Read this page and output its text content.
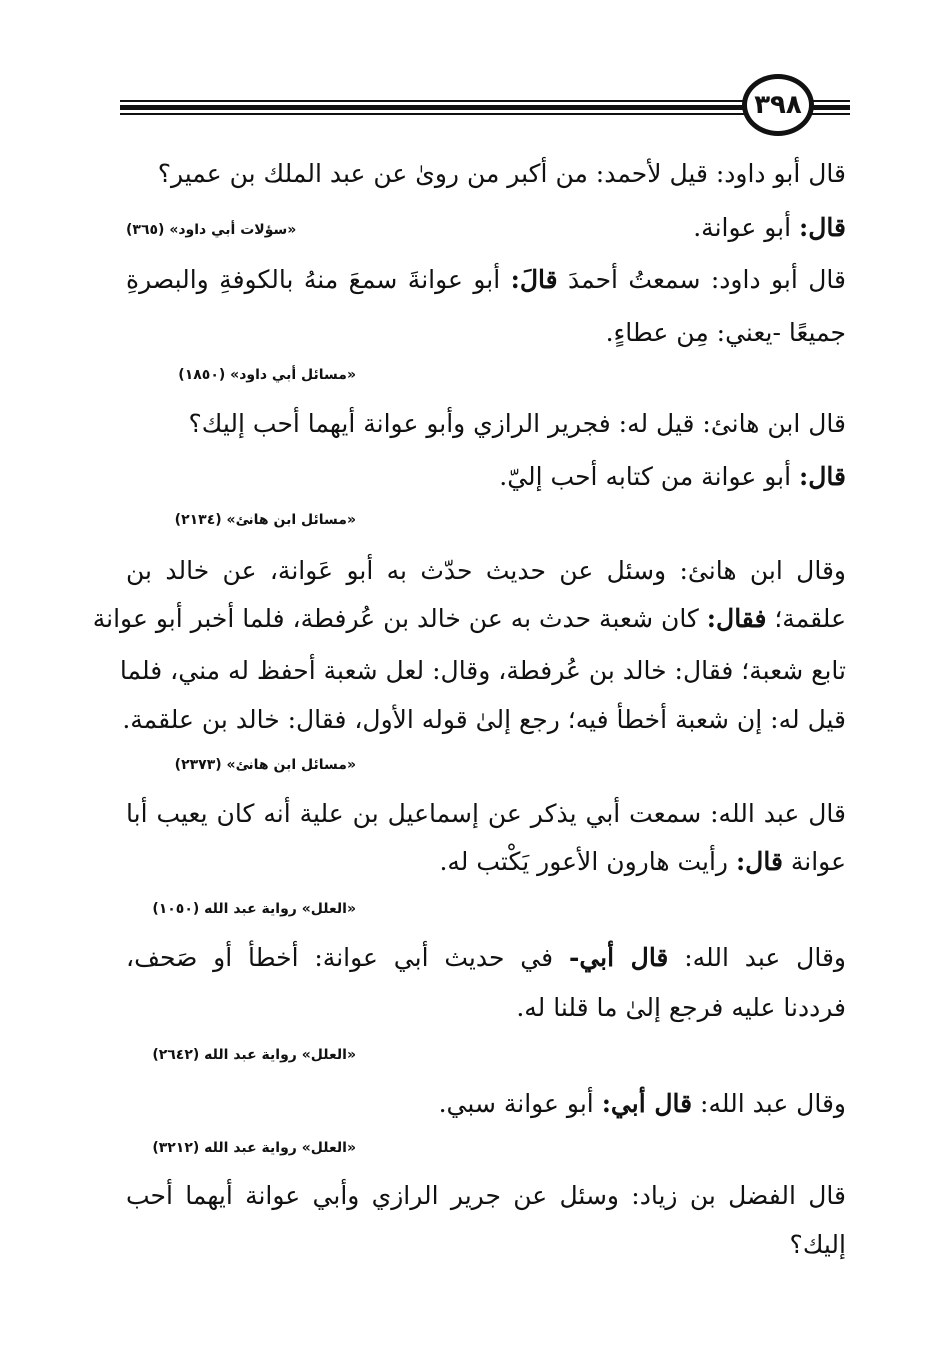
٣٩٨
قال أبو داود: قيل لأحمد: من أكبر من روىٰ عن عبد الملك بن عمير؟
قال: أبو عوانة.
«سؤلات أبي داود» (٣٦٥)
قال أبو داود: سمعتُ أحمدَ قالَ: أبو عوانةَ سمعَ منهُ بالكوفةِ والبصرةِ
جميعًا -يعني: مِن عطاءٍ.
«مسائل أبي داود» (١٨٥٠)
قال ابن هانئ: قيل له: فجرير الرازي وأبو عوانة أيهما أحب إليك؟
قال: أبو عوانة من كتابه أحب إليّ.
«مسائل ابن هانئ» (٢١٣٤)
وقال ابن هانئ: وسئل عن حديث حدّث به أبو عَوانة، عن خالد بن
علقمة؛ فقال: كان شعبة حدث به عن خالد بن عُرفطة، فلما أخبر أبو عوانة
تابع شعبة؛ فقال: خالد بن عُرفطة، وقال: لعل شعبة أحفظ له مني، فلما
قيل له: إن شعبة أخطأ فيه؛ رجع إلىٰ قوله الأول، فقال: خالد بن علقمة.
«مسائل ابن هانئ» (٢٣٧٣)
قال عبد الله: سمعت أبي يذكر عن إسماعيل بن علية أنه كان يعيب أبا
عوانة قال: رأيت هارون الأعور يَكْتب له.
«العلل» رواية عبد الله (١٠٥٠)
وقال عبد الله: قال أبي- في حديث أبي عوانة: أخطأ أو صَحف،
فرددنا عليه فرجع إلىٰ ما قلنا له.
«العلل» رواية عبد الله (٢٦٤٢)
وقال عبد الله: قال أبي: أبو عوانة سبي.
«العلل» رواية عبد الله (٣٢١٢)
قال الفضل بن زياد: وسئل عن جرير الرازي وأبي عوانة أيهما أحب
إليك؟
